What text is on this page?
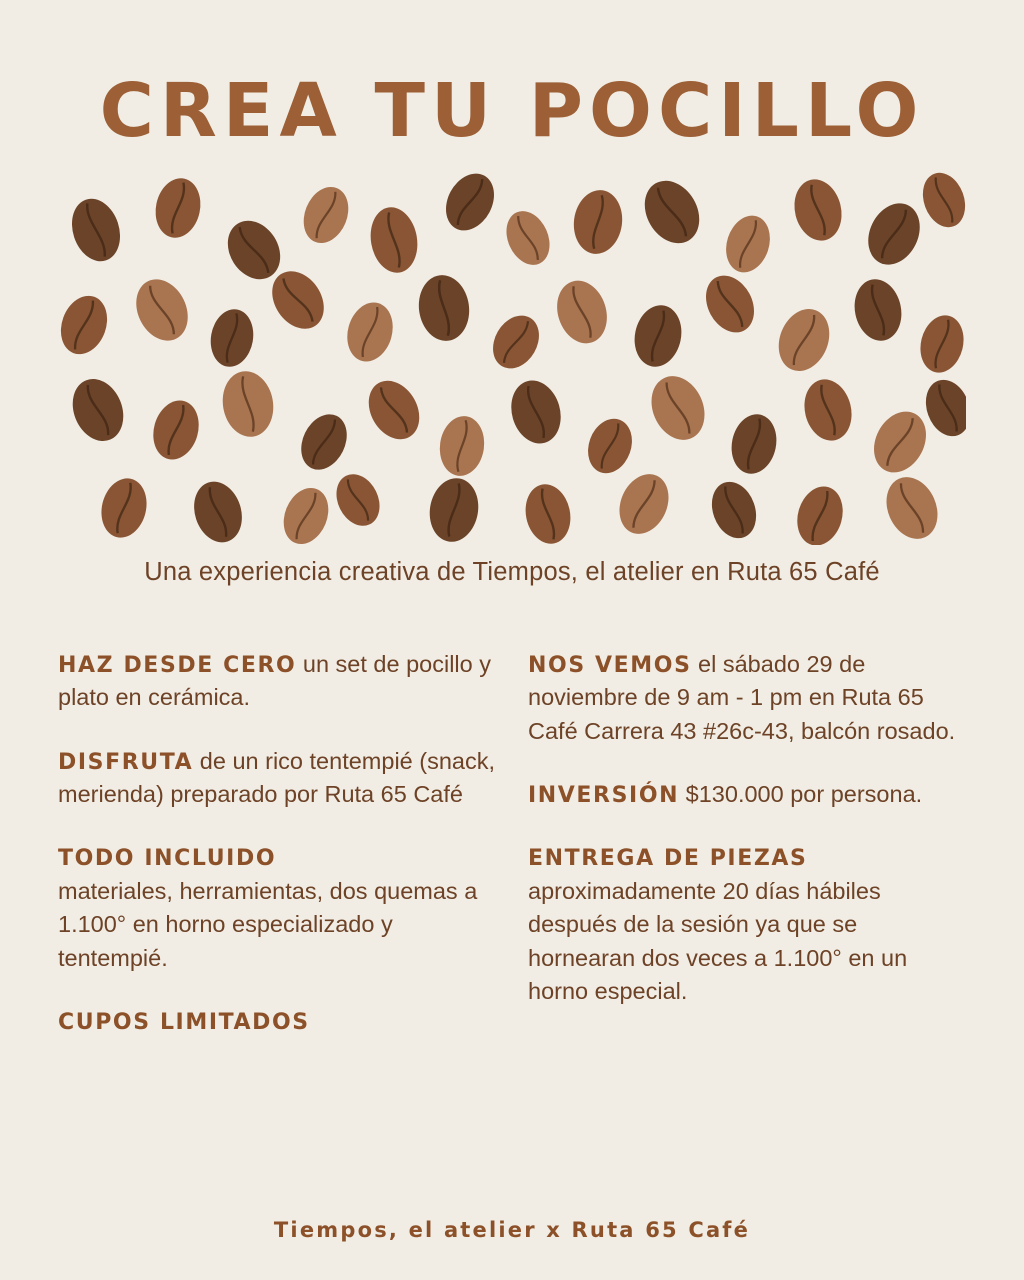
CREA TU POCILLO
Una experiencia creativa de Tiempos, el atelier en Ruta 65 Café
HAZ DESDE CERO un set de pocillo y plato en cerámica.
DISFRUTA de un rico tentempié (snack, merienda) preparado por Ruta 65 Café
TODO INCLUIDO
materiales, herramientas, dos quemas a 1.100° en horno especializado y tentempié.
CUPOS LIMITADOS
NOS VEMOS el sábado 29 de noviembre de 9 am - 1 pm en Ruta 65 Café Carrera 43 #26c-43, balcón rosado.
INVERSIÓN $130.000 por persona.
ENTREGA DE PIEZAS
aproximadamente 20 días hábiles después de la sesión ya que se hornearan dos veces a 1.100° en un horno especial.
Tiempos, el atelier x Ruta 65 Café
